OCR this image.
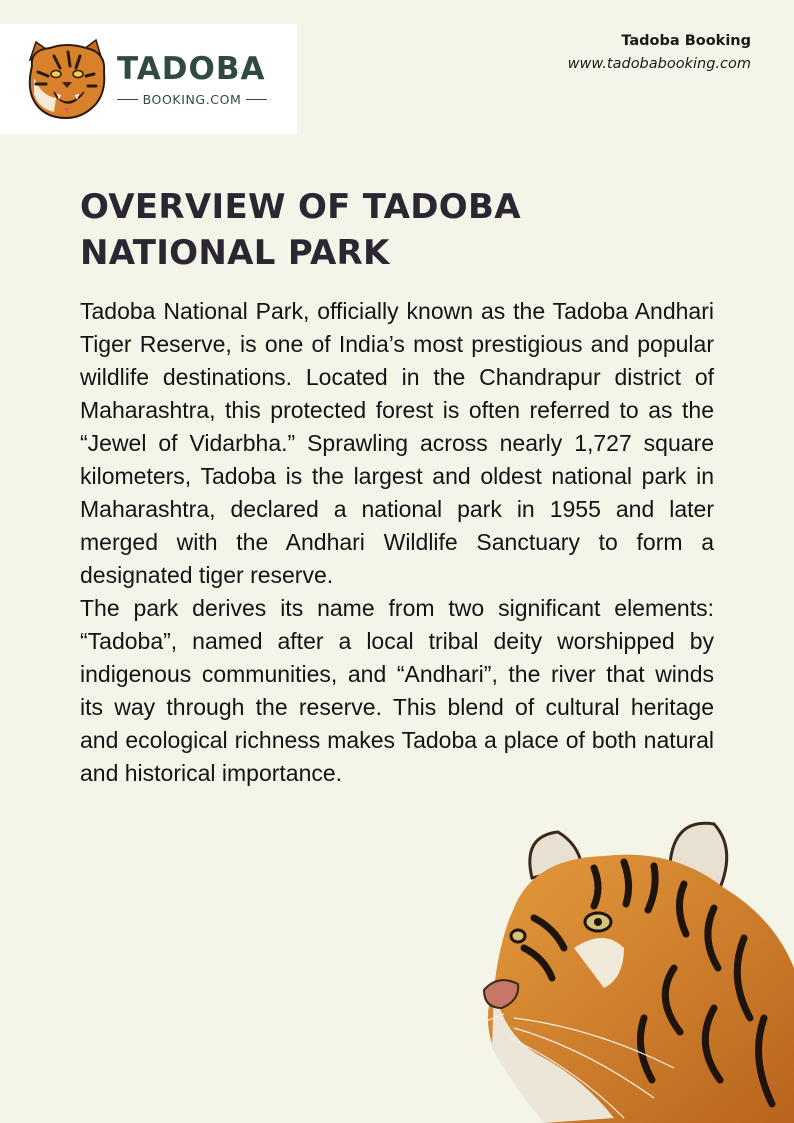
TADOBA
BOOKING.COM
Tadoba Booking
www.tadobabooking.com
OVERVIEW OF TADOBA
NATIONAL PARK

Tadoba National Park, officially known as the Tadoba Andhari Tiger Reserve, is one of India’s most prestigious and popular wildlife destinations. Located in the Chandrapur district of Maharashtra, this protected forest is often referred to as the “Jewel of Vidarbha.” Sprawling across nearly 1,727 square kilometers, Tadoba is the largest and oldest national park in Maharashtra, declared a national park in 1955 and later merged with the Andhari Wildlife Sanctuary to form a designated tiger reserve.

The park derives its name from two significant elements: “Tadoba”, named after a local tribal deity worshipped by indigenous communities, and “Andhari”, the river that winds its way through the reserve. This blend of cultural heritage and ecological richness makes Tadoba a place of both natural and historical importance.
